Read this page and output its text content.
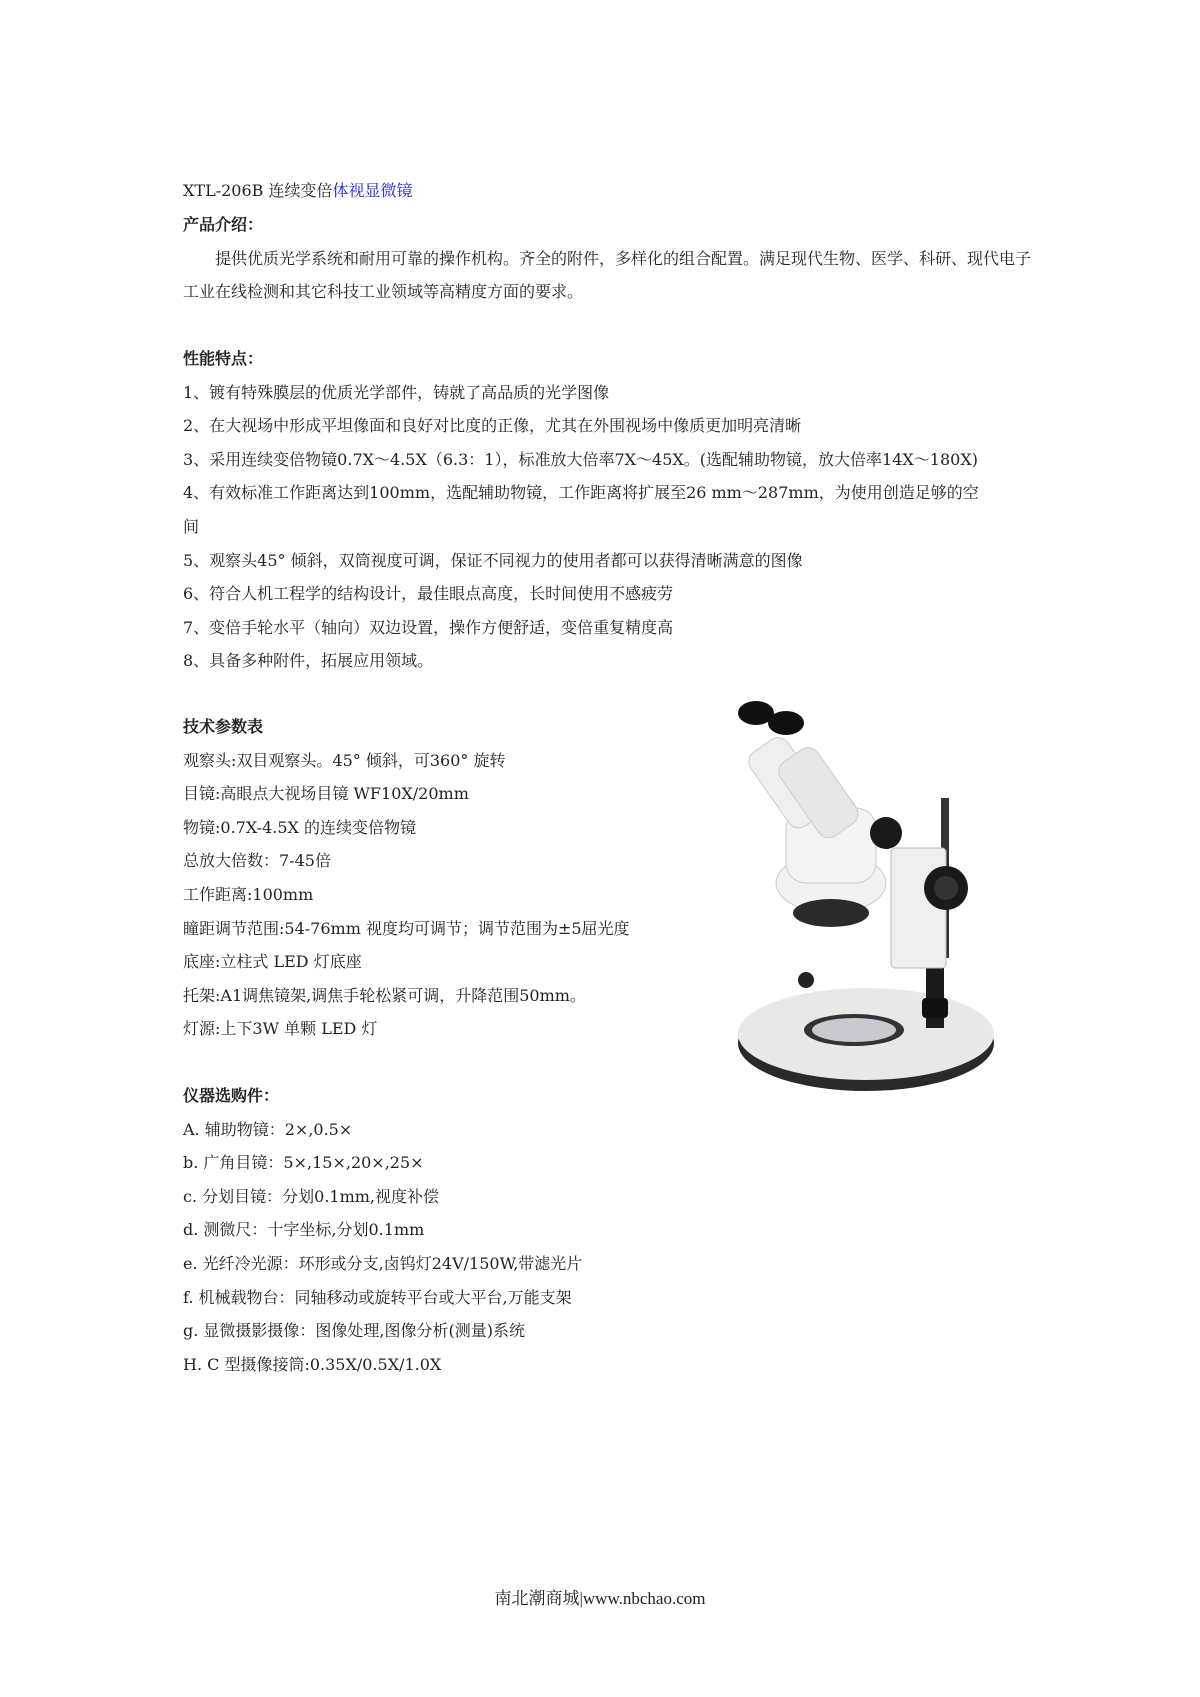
XTL-206B 连续变倍体视显微镜
产品介绍：
提供优质光学系统和耐用可靠的操作机构。齐全的附件，多样化的组合配置。满足现代生物、医学、科研、现代电子工业在线检测和其它科技工业领域等高精度方面的要求。
性能特点：
1、镀有特殊膜层的优质光学部件，铸就了高品质的光学图像
2、在大视场中形成平坦像面和良好对比度的正像，尤其在外围视场中像质更加明亮清晰
3、采用连续变倍物镜0.7X～4.5X（6.3：1），标准放大倍率7X～45X。(选配辅助物镜，放大倍率14X～180X)
4、有效标准工作距离达到100mm，选配辅助物镜，工作距离将扩展至26 mm～287mm，为使用创造足够的空
间
5、观察头45° 倾斜，双筒视度可调，保证不同视力的使用者都可以获得清晰满意的图像
6、符合人机工程学的结构设计，最佳眼点高度，长时间使用不感疲劳
7、变倍手轮水平（轴向）双边设置，操作方便舒适，变倍重复精度高
8、具备多种附件，拓展应用领域。
技术参数表
观察头:双目观察头。45° 倾斜，可360° 旋转
目镜:高眼点大视场目镜 WF10X/20mm
物镜:0.7X-4.5X 的连续变倍物镜
总放大倍数：7-45倍
工作距离:100mm
瞳距调节范围:54-76mm 视度均可调节；调节范围为±5屈光度
底座:立柱式 LED 灯底座
托架:A1调焦镜架,调焦手轮松紧可调，升降范围50mm。
灯源:上下3W 单颗 LED 灯
仪器选购件：
A. 辅助物镜：2×,0.5×
b. 广角目镜：5×,15×,20×,25×
c. 分划目镜：分划0.1mm,视度补偿
d. 测微尺：十字坐标,分划0.1mm
e. 光纤冷光源：环形或分支,卤钨灯24V/150W,带滤光片
f. 机械载物台：同轴移动或旋转平台或大平台,万能支架
g. 显微摄影摄像：图像处理,图像分析(测量)系统
H. C 型摄像接筒:0.35X/0.5X/1.0X
南北潮商城|www.nbchao.com
